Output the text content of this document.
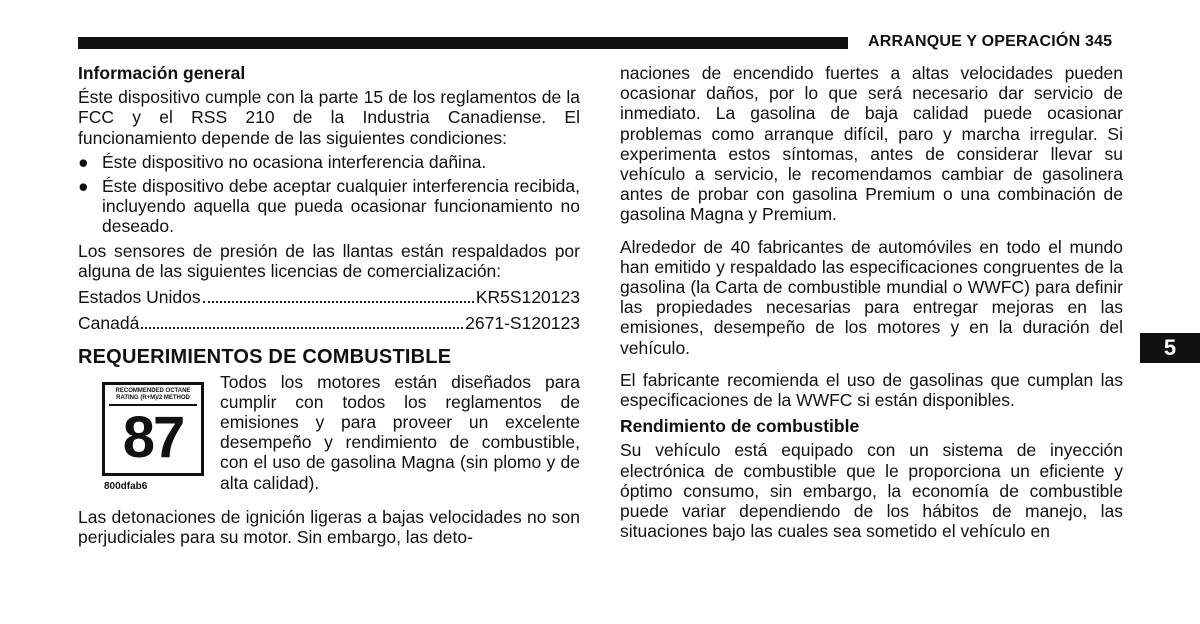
ARRANQUE Y OPERACIÓN 345

Información general

Éste dispositivo cumple con la parte 15 de los reglamentos de la FCC y el RSS 210 de la Industria Canadiense. El funcionamiento depende de las siguientes condiciones:

● Éste dispositivo no ocasiona interferencia dañina.
● Éste dispositivo debe aceptar cualquier interferencia recibida, incluyendo aquella que pueda ocasionar funcionamiento no deseado.

Los sensores de presión de las llantas están respaldados por alguna de las siguientes licencias de comercialización:

Estados Unidos	KR5S120123
Canadá	2671-S120123
REQUERIMIENTOS DE COMBUSTIBLE
RECOMMENDED OCTANE RATING (R+M)/2 METHOD
87
800dfab6

Todos los motores están diseñados para cumplir con todos los reglamentos de emisiones y para proveer un excelente desempeño y rendimiento de combustible, con el uso de gasolina Magna (sin plomo y de alta calidad).

Las detonaciones de ignición ligeras a bajas velocidades no son perjudiciales para su motor. Sin embargo, las deto-

naciones de encendido fuertes a altas velocidades pueden ocasionar daños, por lo que será necesario dar servicio de inmediato. La gasolina de baja calidad puede ocasionar problemas como arranque difícil, paro y marcha irregular. Si experimenta estos síntomas, antes de considerar llevar su vehículo a servicio, le recomendamos cambiar de gasolinera antes de probar con gasolina Premium o una combinación de gasolina Magna y Premium.

Alrededor de 40 fabricantes de automóviles en todo el mundo han emitido y respaldado las especificaciones congruentes de la gasolina (la Carta de combustible mundial o WWFC) para definir las propiedades necesarias para entregar mejoras en las emisiones, desempeño de los motores y en la duración del vehículo.

El fabricante recomienda el uso de gasolinas que cumplan las especificaciones de la WWFC si están disponibles.

Rendimiento de combustible

Su vehículo está equipado con un sistema de inyección electrónica de combustible que le proporciona un eficiente y óptimo consumo, sin embargo, la economía de combustible puede variar dependiendo de los hábitos de manejo, las situaciones bajo las cuales sea sometido el vehículo en

5
